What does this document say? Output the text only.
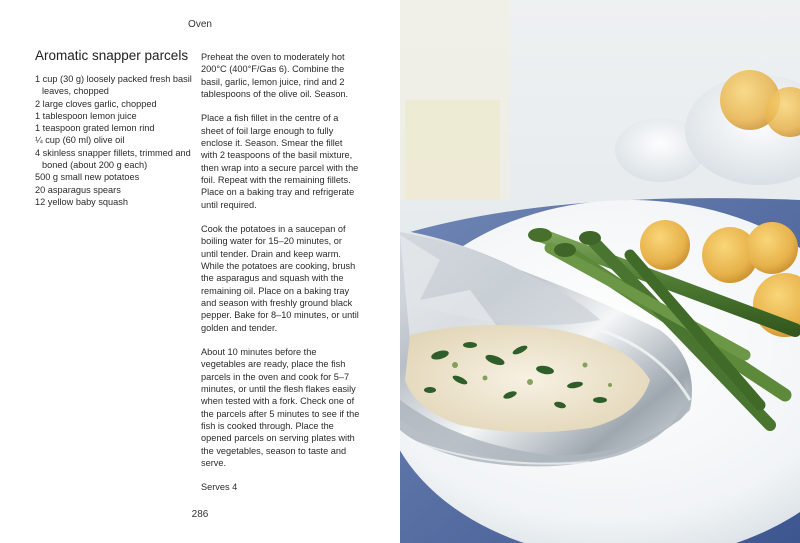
Oven
Aromatic snapper parcels
1 cup (30 g) loosely packed fresh basil leaves, chopped
2 large cloves garlic, chopped
1 tablespoon lemon juice
1 teaspoon grated lemon rind
¼ cup (60 ml) olive oil
4 skinless snapper fillets, trimmed and boned (about 200 g each)
500 g small new potatoes
20 asparagus spears
12 yellow baby squash

Preheat the oven to moderately hot 200°C (400°F/Gas 6). Combine the basil, garlic, lemon juice, rind and 2 tablespoons of the olive oil. Season.

Place a fish fillet in the centre of a sheet of foil large enough to fully enclose it. Season. Smear the fillet with 2 teaspoons of the basil mixture, then wrap into a secure parcel with the foil. Repeat with the remaining fillets. Place on a baking tray and refrigerate until required.

Cook the potatoes in a saucepan of boiling water for 15–20 minutes, or until tender. Drain and keep warm. While the potatoes are cooking, brush the asparagus and squash with the remaining oil. Place on a baking tray and season with freshly ground black pepper. Bake for 8–10 minutes, or until golden and tender.

About 10 minutes before the vegetables are ready, place the fish parcels in the oven and cook for 5–7 minutes, or until the flesh flakes easily when tested with a fork. Check one of the parcels after 5 minutes to see if the fish is cooked through. Place the opened parcels on serving plates with the vegetables, season to taste and serve.

Serves 4

286
